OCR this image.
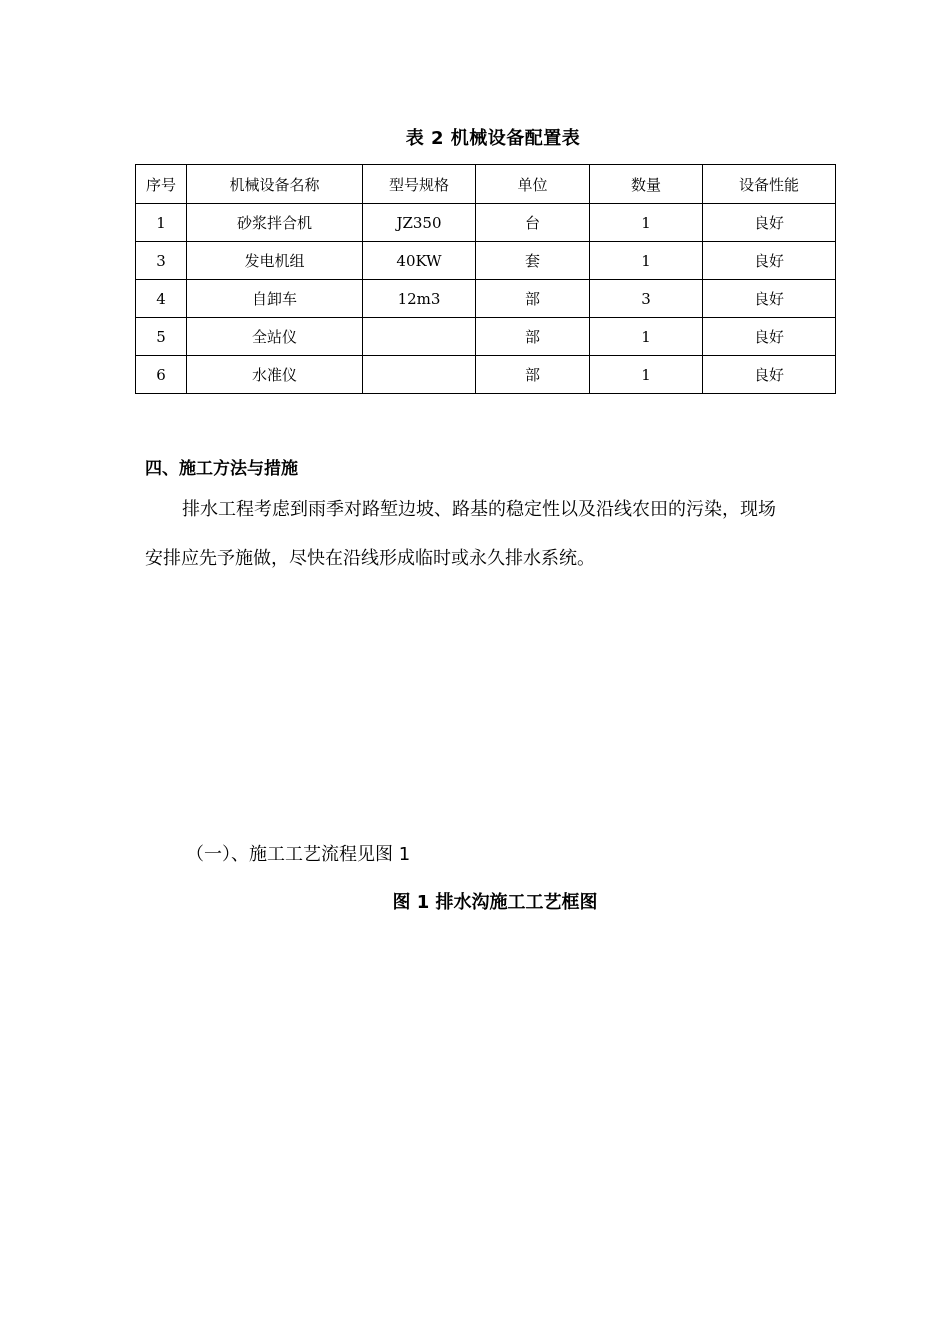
表 2 机械设备配置表
序号	机械设备名称	型号规格	单位	数量	设备性能
1	砂浆拌合机	JZ350	台	1	良好
3	发电机组	40KW	套	1	良好
4	自卸车	12m3	部	3	良好
5	全站仪		部	1	良好
6	水准仪		部	1	良好
四、施工方法与措施
排水工程考虑到雨季对路堑边坡、路基的稳定性以及沿线农田的污染，现场
安排应先予施做，尽快在沿线形成临时或永久排水系统。
（一）、施工工艺流程见图 1
图 1 排水沟施工工艺框图
